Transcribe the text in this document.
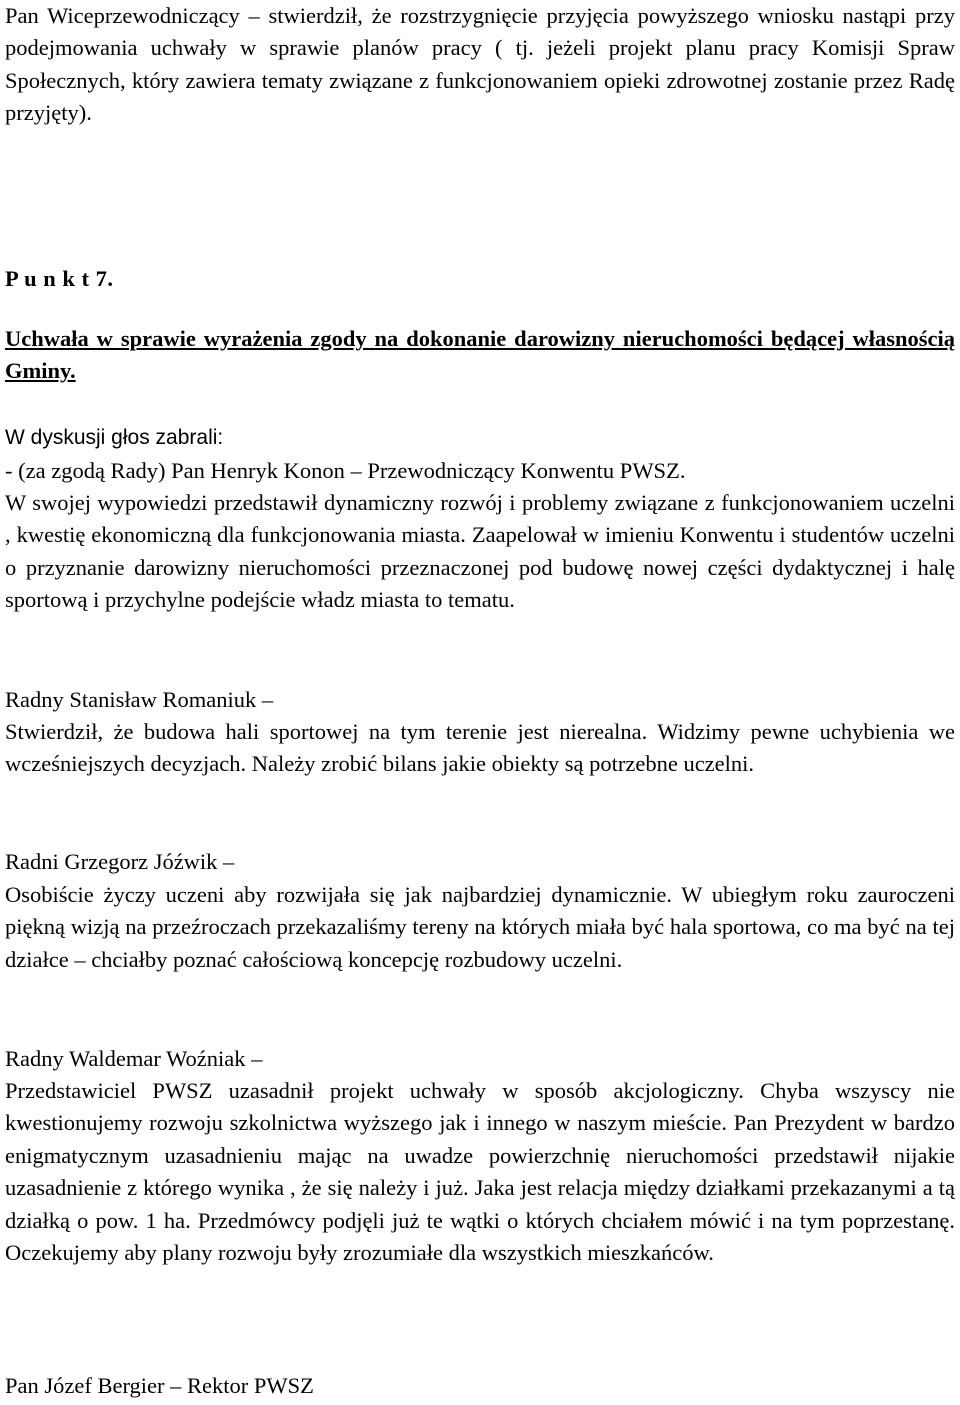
Pan Wiceprzewodniczący – stwierdził, że rozstrzygnięcie przyjęcia powyższego wniosku nastąpi przy podejmowania uchwały w sprawie planów pracy ( tj. jeżeli projekt planu pracy Komisji Spraw Społecznych, który zawiera tematy związane z funkcjonowaniem opieki zdrowotnej zostanie przez Radę przyjęty).

P u n k t 7.

Uchwała w sprawie wyrażenia zgody na dokonanie darowizny nieruchomości będącej własnością Gminy.

W dyskusji głos zabrali:

- (za zgodą Rady) Pan Henryk Konon – Przewodniczący Konwentu PWSZ.

W swojej wypowiedzi przedstawił dynamiczny rozwój i problemy związane z funkcjonowaniem uczelni , kwestię ekonomiczną dla funkcjonowania miasta. Zaapelował w imieniu Konwentu i studentów uczelni o przyznanie darowizny nieruchomości przeznaczonej pod budowę nowej części dydaktycznej i halę sportową i przychylne podejście władz miasta to tematu.

Radny Stanisław Romaniuk –

Stwierdził, że budowa hali sportowej na tym terenie jest nierealna. Widzimy pewne uchybienia we wcześniejszych decyzjach. Należy zrobić bilans jakie obiekty są potrzebne uczelni.

Radni Grzegorz Jóźwik –

Osobiście życzy uczeni aby rozwijała się jak najbardziej dynamicznie. W ubiegłym roku zauroczeni piękną wizją na przeźroczach przekazaliśmy tereny na których miała być hala sportowa, co ma być na tej działce – chciałby poznać całościową koncepcję rozbudowy uczelni.

Radny Waldemar Woźniak –

Przedstawiciel PWSZ uzasadnił projekt uchwały w sposób akcjologiczny. Chyba wszyscy nie kwestionujemy rozwoju szkolnictwa wyższego jak i innego w naszym mieście. Pan Prezydent w bardzo enigmatycznym uzasadnieniu mając na uwadze powierzchnię nieruchomości przedstawił nijakie uzasadnienie z którego wynika , że się należy i już. Jaka jest relacja między działkami przekazanymi a tą działką o pow. 1 ha. Przedmówcy podjęli już te wątki o których chciałem mówić i na tym poprzestanę. Oczekujemy aby plany rozwoju były zrozumiałe dla wszystkich mieszkańców.

Pan Józef Bergier – Rektor PWSZ
